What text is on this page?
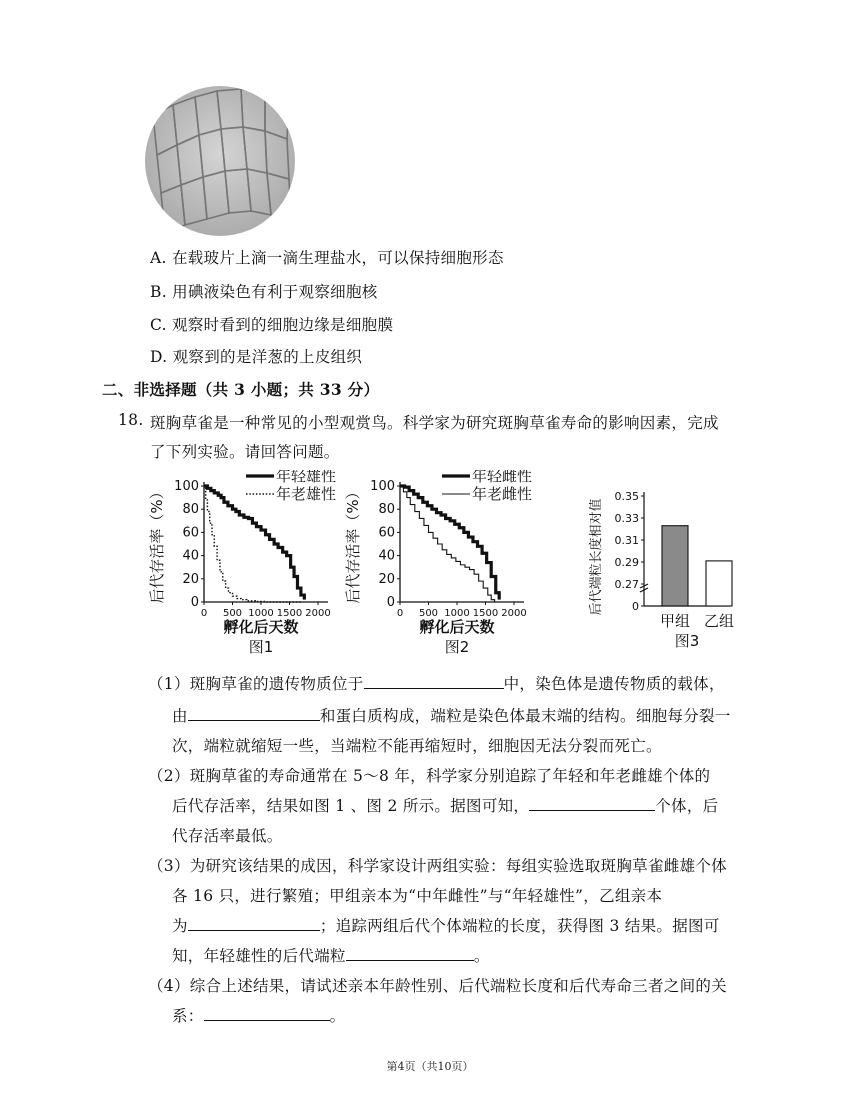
A. 在载玻片上滴一滴生理盐水，可以保持细胞形态
B. 用碘液染色有利于观察细胞核
C. 观察时看到的细胞边缘是细胞膜
D. 观察到的是洋葱的上皮组织
二、非选择题（共 3 小题；共 33 分）
18. 斑胸草雀是一种常见的小型观赏鸟。科学家为研究斑胸草雀寿命的影响因素，完成
了下列实验。请回答问题。
0
20
40
60
80
100
0 500 1000 1500 2000
孵化后天数
后代存活率（%）
图1
年轻雄性
年老雄性
0
20
40
60
80
100
0 500 1000 1500 2000
孵化后天数
后代存活率（%）
图2
年轻雌性
年老雌性	0.35
0.33
0.31
0.29
0.27
0
后代端粒长度相对值
甲组 乙组
图3
（1）斑胸草雀的遗传物质位于	中，染色体是遗传物质的载体，
由	和蛋白质构成，端粒是染色体最末端的结构。细胞每分裂一
次，端粒就缩短一些，当端粒不能再缩短时，细胞因无法分裂而死亡。
（2）斑胸草雀的寿命通常在 5～8 年，科学家分别追踪了年轻和年老雌雄个体的
后代存活率，结果如图 1 、图 2 所示。据图可知，	个体，后
代存活率最低。
（3）为研究该结果的成因，科学家设计两组实验：每组实验选取斑胸草雀雌雄个体
各 16 只，进行繁殖；甲组亲本为“中年雌性”与“年轻雄性”，乙组亲本
为	；追踪两组后代个体端粒的长度，获得图 3 结果。据图可
知，年轻雄性的后代端粒	。
（4）综合上述结果，请试述亲本年龄性别、后代端粒长度和后代寿命三者之间的关
系：	。
第4页（共10页）
